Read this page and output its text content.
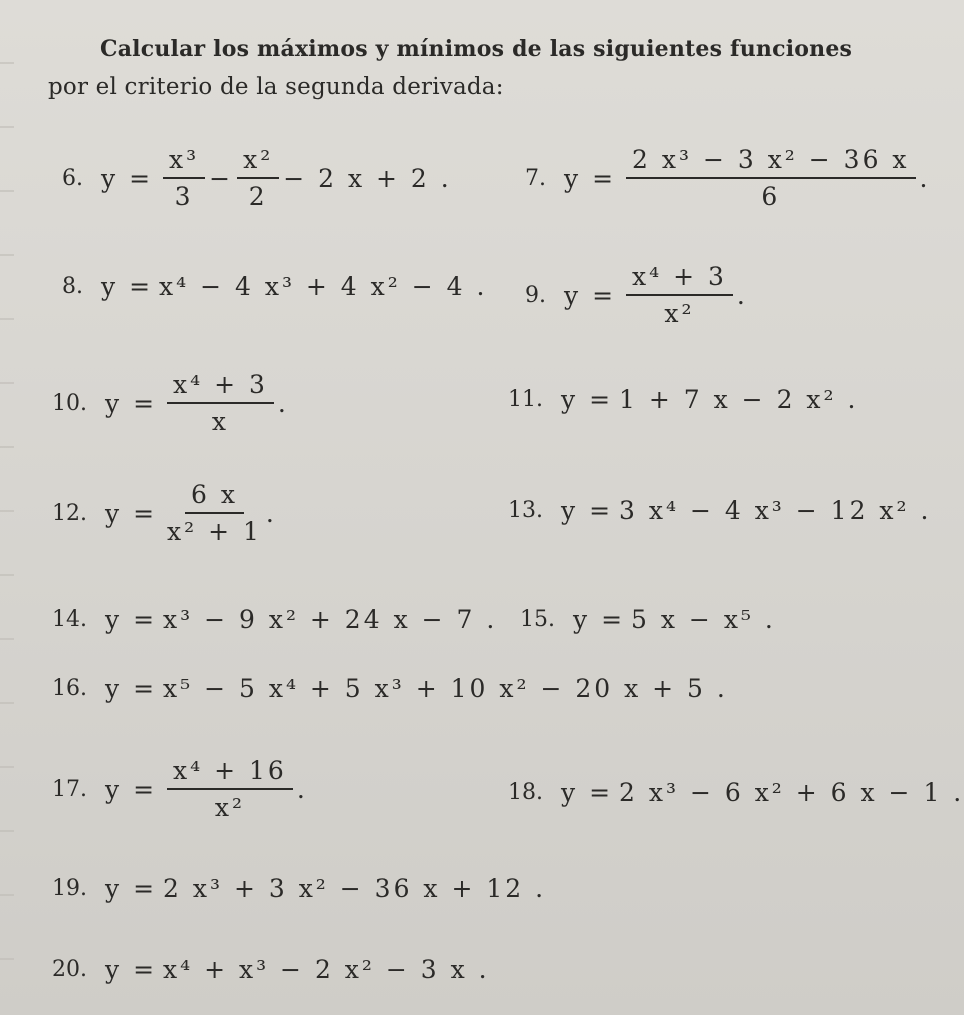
Calcular los máximos y mínimos de las siguientes funciones
por el criterio de la segunda derivada:
6. $y = \frac{\text{x³}}{3} - \frac{\text{x²}}{2} - 2$ x + 2 .	7. $y = \frac{\text{2 x³ − 3 x² − 36 x}}{6}$ .
8. y = x⁴ − 4 x³ + 4 x² − 4 . 9. $y = \frac{\text{x⁴ + 3}}{\text{x²}}$ .
10. $y = \frac{\text{x⁴ + 3}}{x}$ .	11. y = 1 + 7 x − 2 x² .
12. $y = \frac{6 x}{\text{x² + 1}}$ .	13. y = 3 x⁴ − 4 x³ − 12 x² .
14. y = x³ − 9 x² + 24 x − 7 . 15. y = 5 x − x⁵ .
16. y = x⁵ − 5 x⁴ + 5 x³ + 10 x² − 20 x + 5 .
17. $y = \frac{\text{x⁴ + 16}}{\text{x²}}$ .	18. y = 2 x³ − 6 x² + 6 x − 1 .
19. y = 2 x³ + 3 x² − 36 x + 12 .
20. y = x⁴ + x³ − 2 x² − 3 x .
